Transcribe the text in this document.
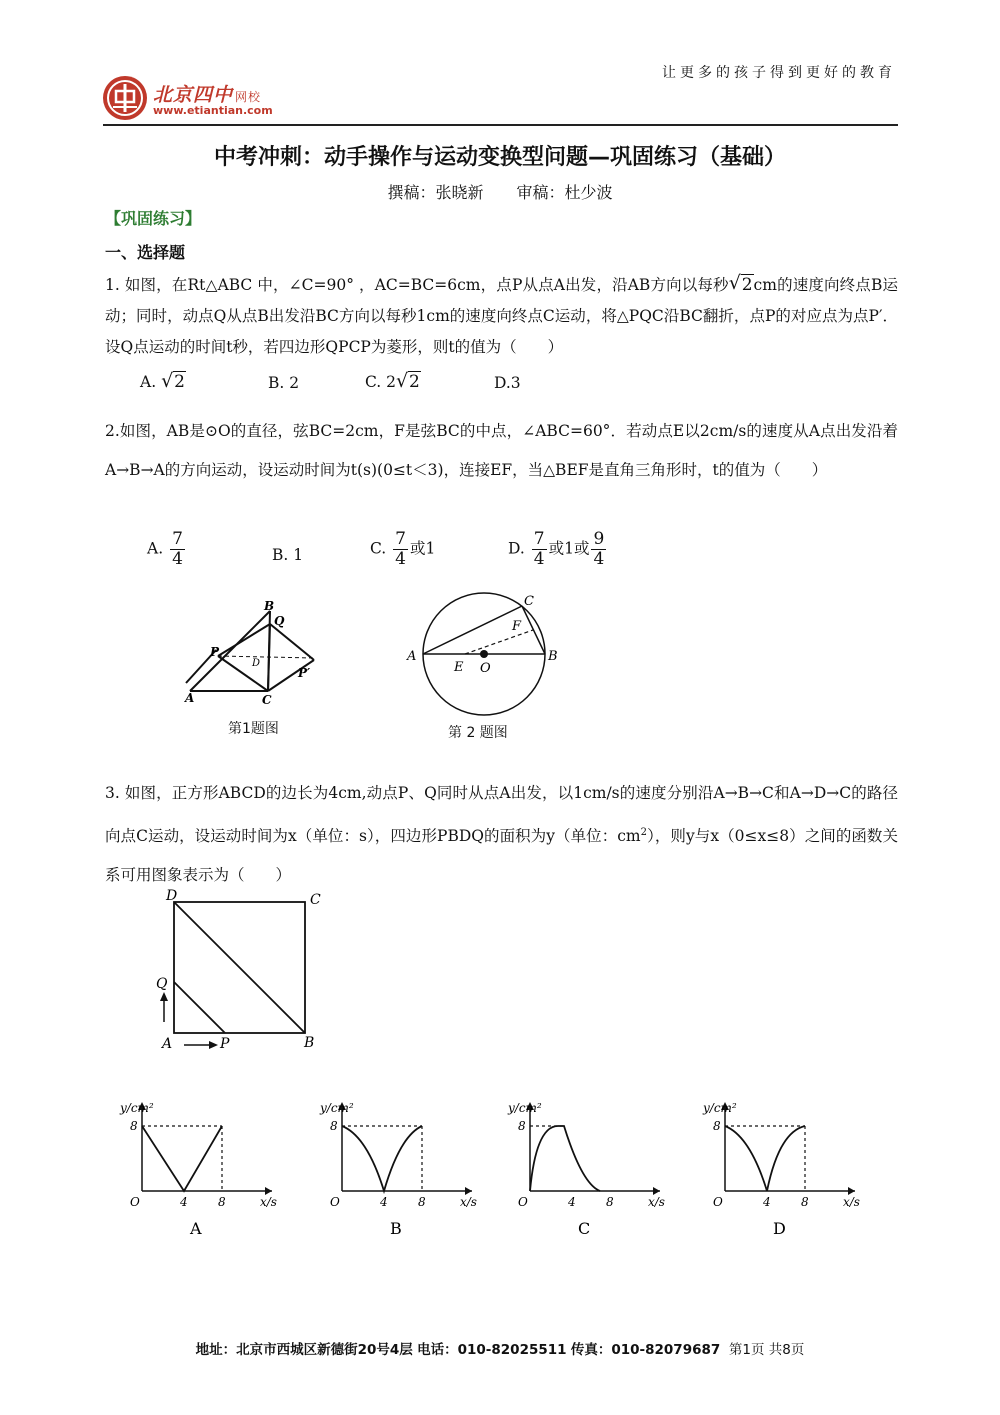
让更多的孩子得到更好的教育
北京四中 网校
www.etiantian.com
中考冲刺：动手操作与运动变换型问题—巩固练习（基础）
撰稿：张晓新 审稿：杜少波
【巩固练习】
一、选择题
1. 如图，在Rt△ABC 中，∠C=90° ，AC=BC=6cm，点P从点A出发，沿AB方向以每秒 √ 2cm的速度向终点B运动；同时，动点Q从点B出发沿BC方向以每秒1cm的速度向终点C运动，将△PQC沿BC翻折，点P的对应点为点P′．设Q点运动的时间t秒，若四边形QPCP为菱形，则t的值为（　　）
A. √ 2	B. 2	C. 2 √ 2	D.3
2.如图，AB是⊙O的直径，弦BC=2cm，F是弦BC的中点，∠ABC=60°．若动点E以2cm/s的速度从A点出发沿着A→B→A的方向运动，设运动时间为t(s)(0≤t＜3)，连接EF，当△BEF是直角三角形时，t的值为（　　）
A. $\frac{7}{4}$	B. 1	C. $\frac{7}{4}$ 或1	D. $\frac{7}{4}$ 或1或 $\frac{9}{4}$
A
B
C
P
Q
D
P′
第1题图
A	B
C
E O
F
第 2 题图
3. 如图，正方形ABCD的边长为4cm,动点P、Q同时从点A出发，以1cm/s的速度分别沿A→B→C和A→D→C的路径向点C运动，设运动时间为x（单位：s），四边形PBDQ的面积为y（单位：$cm^2$），则y与x（0≤x≤8）之间的函数关系可用图象表示为（　　）
D	C
Q
A	P	B
y/cm²
x/s
8
4	8
O
A
y/cm²
x/s
8
4	8
O
B
y/cm²
x/s
8
4	8
O
C
y/cm²
x/s
8
4	8
O
D
地址：北京市西城区新德街20号4层 电话：010-82025511 传真：010-82079687 第1页 共8页
